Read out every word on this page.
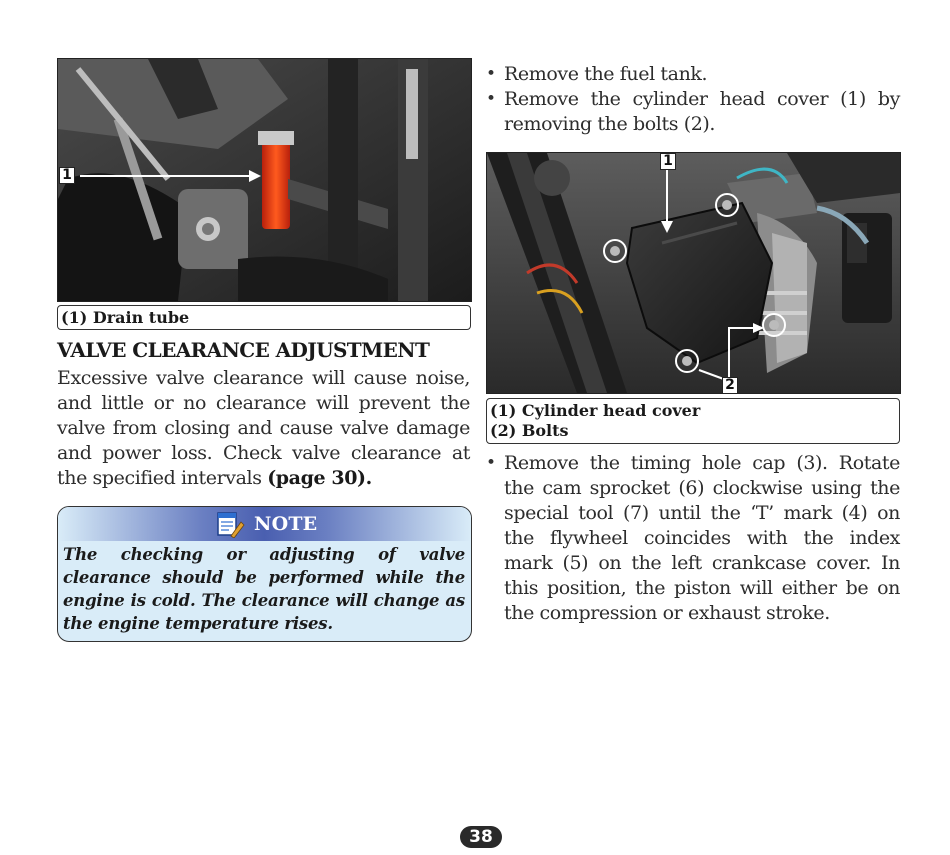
1
(1) Drain tube
VALVE CLEARANCE ADJUSTMENT
Excessive valve clearance will cause noise, and little or no clearance will prevent the valve from closing and cause valve damage and power loss. Check valve clearance at the specified intervals (page 30).
NOTE
The checking or adjusting of valve clearance should be performed while the engine is cold. The clearance will change as the engine temperature rises.
• Remove the fuel tank.
• Remove the cylinder head cover (1) by removing the bolts (2).
1
2
(1) Cylinder head cover
(2) Bolts
• Remove the timing hole cap (3). Rotate the cam sprocket (6) clockwise using the special tool (7) until the ‘T’ mark (4) on the flywheel coincides with the index mark (5) on the left crankcase cover. In this position, the piston will either be on the compression or exhaust stroke.
38
